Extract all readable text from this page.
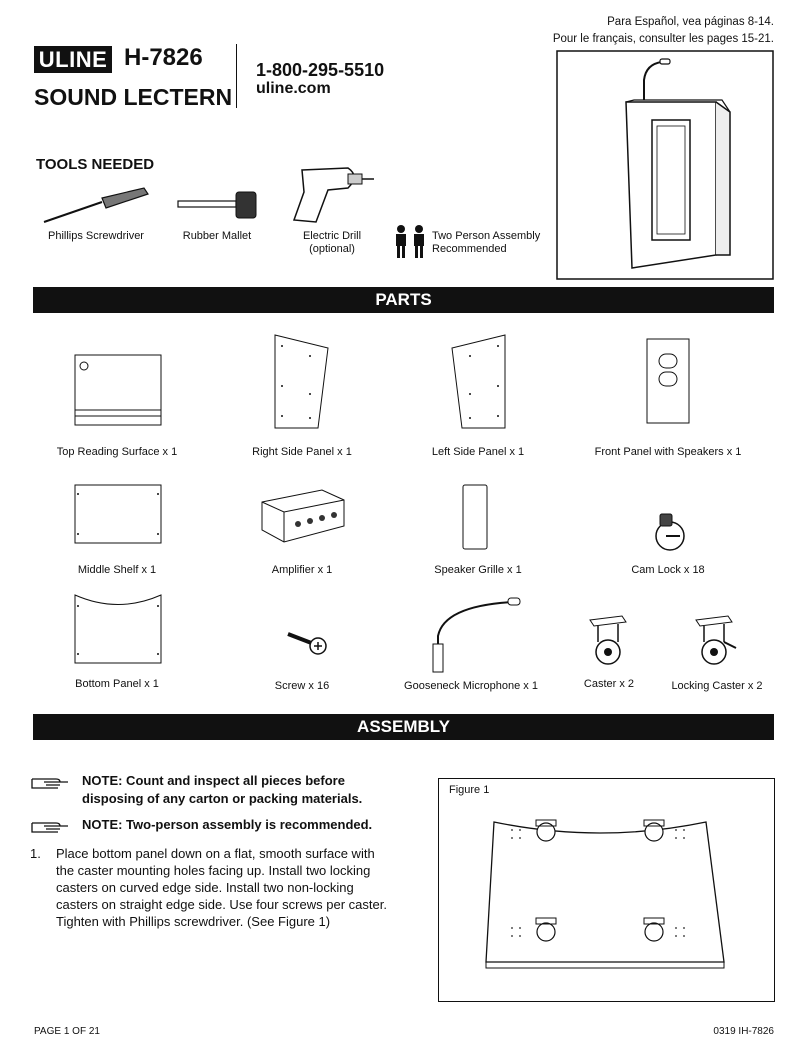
Para Español, vea páginas 8-14.
Pour le français, consulter les pages 15-21.
ULINE H-7826
SOUND LECTERN
1-800-295-5510
uline.com
TOOLS NEEDED
Phillips Screwdriver	Rubber Mallet	Electric Drill
(optional)
Two Person Assembly
Recommended
PARTS
Top Reading Surface x 1	Right Side Panel x 1	Left Side Panel x 1	Front Panel with Speakers x 1
Middle Shelf x 1	Amplifier x 1	Speaker Grille x 1	Cam Lock x 18
Bottom Panel x 1	Screw x 16	Gooseneck Microphone x 1	Caster x 2	Locking Caster x 2
ASSEMBLY
NOTE: Count and inspect all pieces before disposing of any carton or packing materials.
NOTE: Two-person assembly is recommended.
1. Place bottom panel down on a flat, smooth surface with the caster mounting holes facing up. Install two locking casters on curved edge side. Install two non-locking casters on straight edge side. Use four screws per caster. Tighten with Phillips screwdriver. (See Figure 1)
Figure 1
PAGE 1 OF 21	0319 IH-7826
